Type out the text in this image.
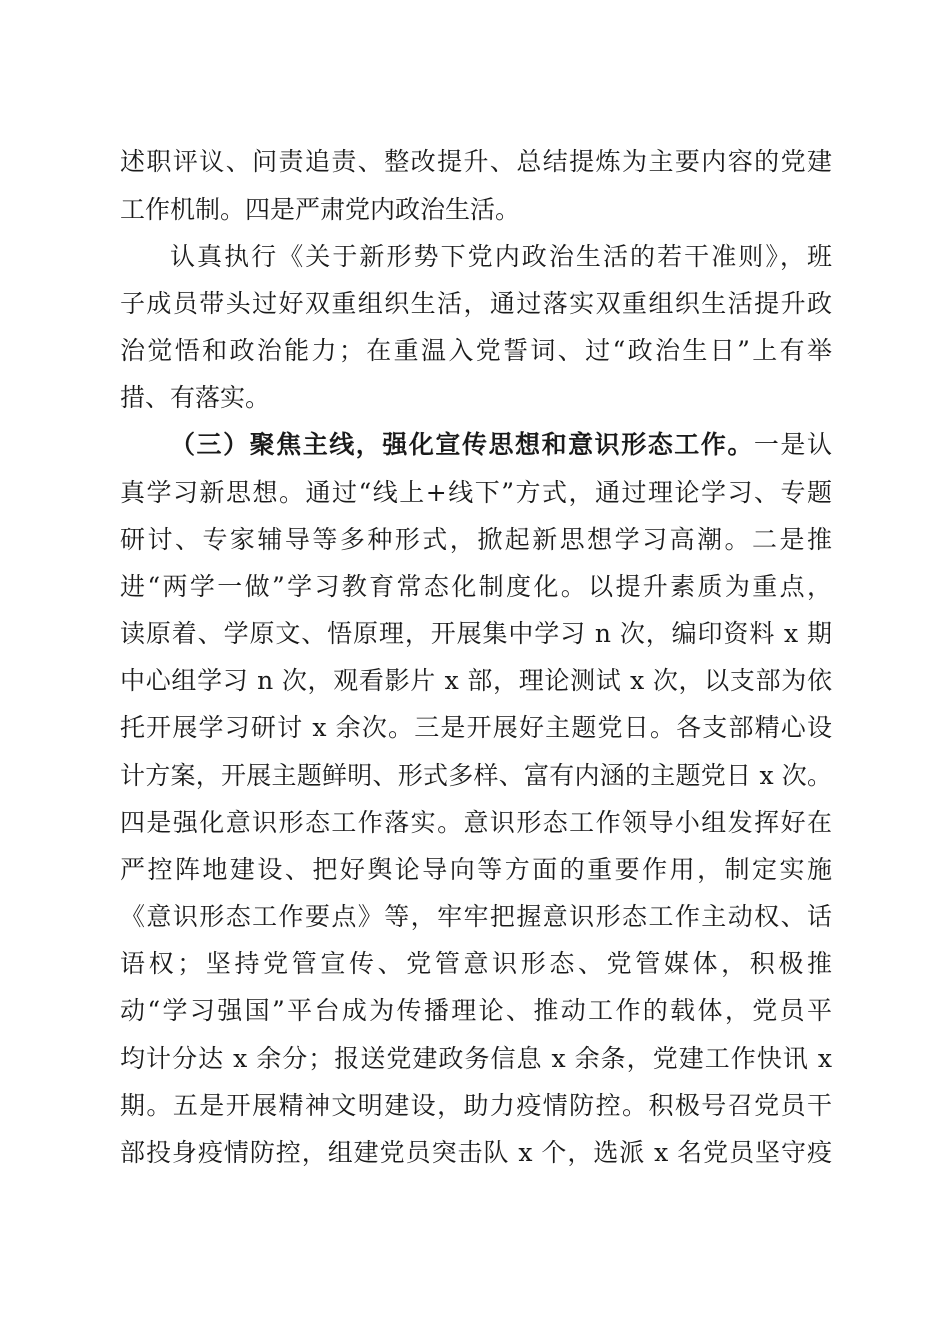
述职评议、问责追责、整改提升、总结提炼为主要内容的党建
工作机制。四是严肃党内政治生活。
认真执行《关于新形势下党内政治生活的若干准则》，班
子成员带头过好双重组织生活，通过落实双重组织生活提升政
治觉悟和政治能力；在重温入党誓词、过“政治生日”上有举
措、有落实。
（三）聚焦主线，强化宣传思想和意识形态工作。一是认
真学习新思想。通过“线上+线下”方式，通过理论学习、专题
研讨、专家辅导等多种形式，掀起新思想学习高潮。二是推
进“两学一做”学习教育常态化制度化。以提升素质为重点，
读原着、学原文、悟原理，开展集中学习 n 次，编印资料 x 期
中心组学习 n 次，观看影片 x 部，理论测试 x 次，以支部为依
托开展学习研讨 x 余次。三是开展好主题党日。各支部精心设
计方案，开展主题鲜明、形式多样、富有内涵的主题党日 x 次。
四是强化意识形态工作落实。意识形态工作领导小组发挥好在
严控阵地建设、把好舆论导向等方面的重要作用，制定实施
《意识形态工作要点》等，牢牢把握意识形态工作主动权、话
语权；坚持党管宣传、党管意识形态、党管媒体，积极推
动“学习强国”平台成为传播理论、推动工作的载体，党员平
均计分达 x 余分；报送党建政务信息 x 余条，党建工作快讯 x
期。五是开展精神文明建设，助力疫情防控。积极号召党员干
部投身疫情防控，组建党员突击队 x 个，选派 x 名党员坚守疫
